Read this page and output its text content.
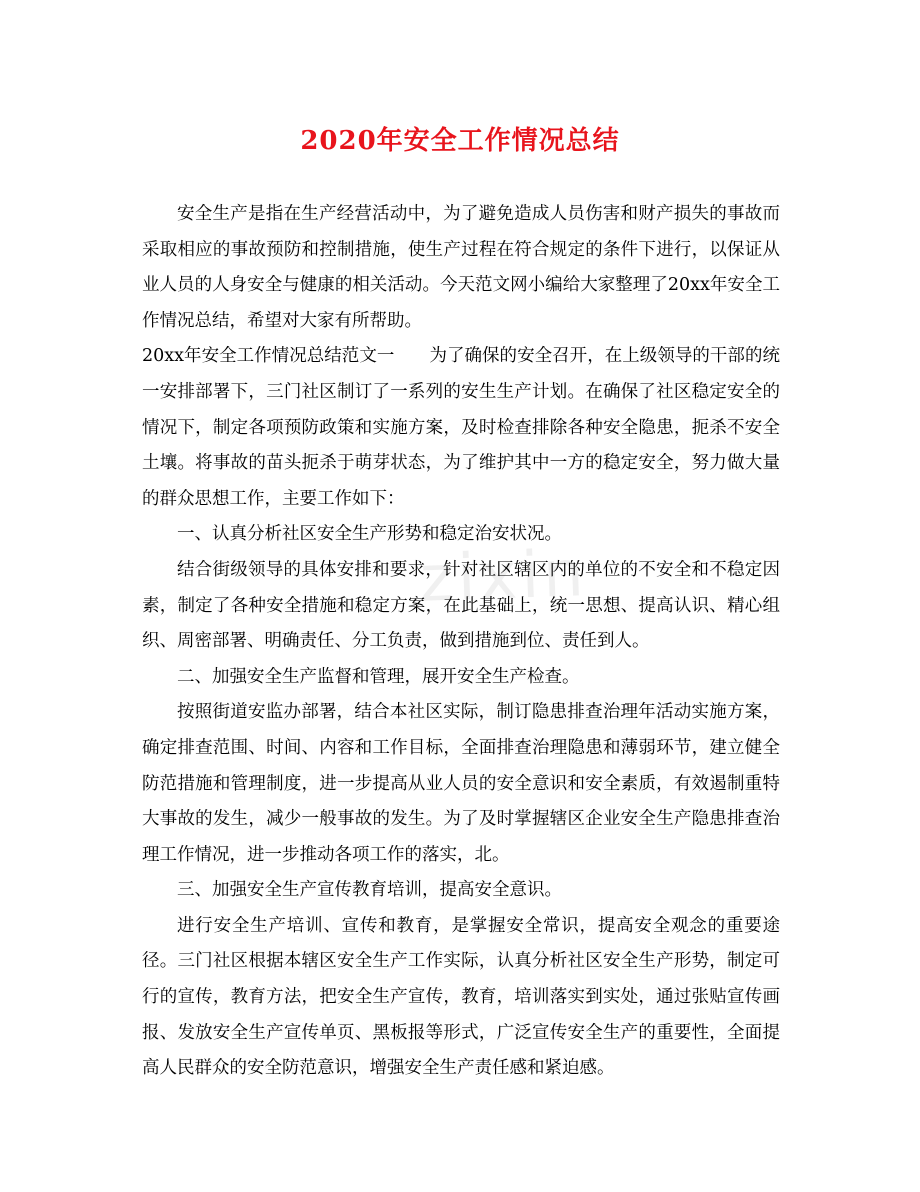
2020年安全工作情况总结
zixin

安全生产是指在生产经营活动中，为了避免造成人员伤害和财产损失的事故而采取相应的事故预防和控制措施，使生产过程在符合规定的条件下进行，以保证从业人员的人身安全与健康的相关活动。今天范文网小编给大家整理了20xx年安全工作情况总结，希望对大家有所帮助。

20xx年安全工作情况总结范文一　　为了确保的安全召开，在上级领导的干部的统一安排部署下，三门社区制订了一系列的安生生产计划。在确保了社区稳定安全的情况下，制定各项预防政策和实施方案，及时检查排除各种安全隐患，扼杀不安全土壤。将事故的苗头扼杀于萌芽状态，为了维护其中一方的稳定安全，努力做大量的群众思想工作，主要工作如下：

一、认真分析社区安全生产形势和稳定治安状况。

结合街级领导的具体安排和要求，针对社区辖区内的单位的不安全和不稳定因素，制定了各种安全措施和稳定方案，在此基础上，统一思想、提高认识、精心组织、周密部署、明确责任、分工负责，做到措施到位、责任到人。

二、加强安全生产监督和管理，展开安全生产检查。

按照街道安监办部署，结合本社区实际，制订隐患排查治理年活动实施方案，确定排查范围、时间、内容和工作目标，全面排查治理隐患和薄弱环节，建立健全防范措施和管理制度，进一步提高从业人员的安全意识和安全素质，有效遏制重特大事故的发生，减少一般事故的发生。为了及时掌握辖区企业安全生产隐患排查治理工作情况，进一步推动各项工作的落实，北。

三、加强安全生产宣传教育培训，提高安全意识。

进行安全生产培训、宣传和教育，是掌握安全常识，提高安全观念的重要途径。三门社区根据本辖区安全生产工作实际，认真分析社区安全生产形势，制定可行的宣传，教育方法，把安全生产宣传，教育，培训落实到实处，通过张贴宣传画报、发放安全生产宣传单页、黑板报等形式，广泛宣传安全生产的重要性，全面提高人民群众的安全防范意识，增强安全生产责任感和紧迫感。
